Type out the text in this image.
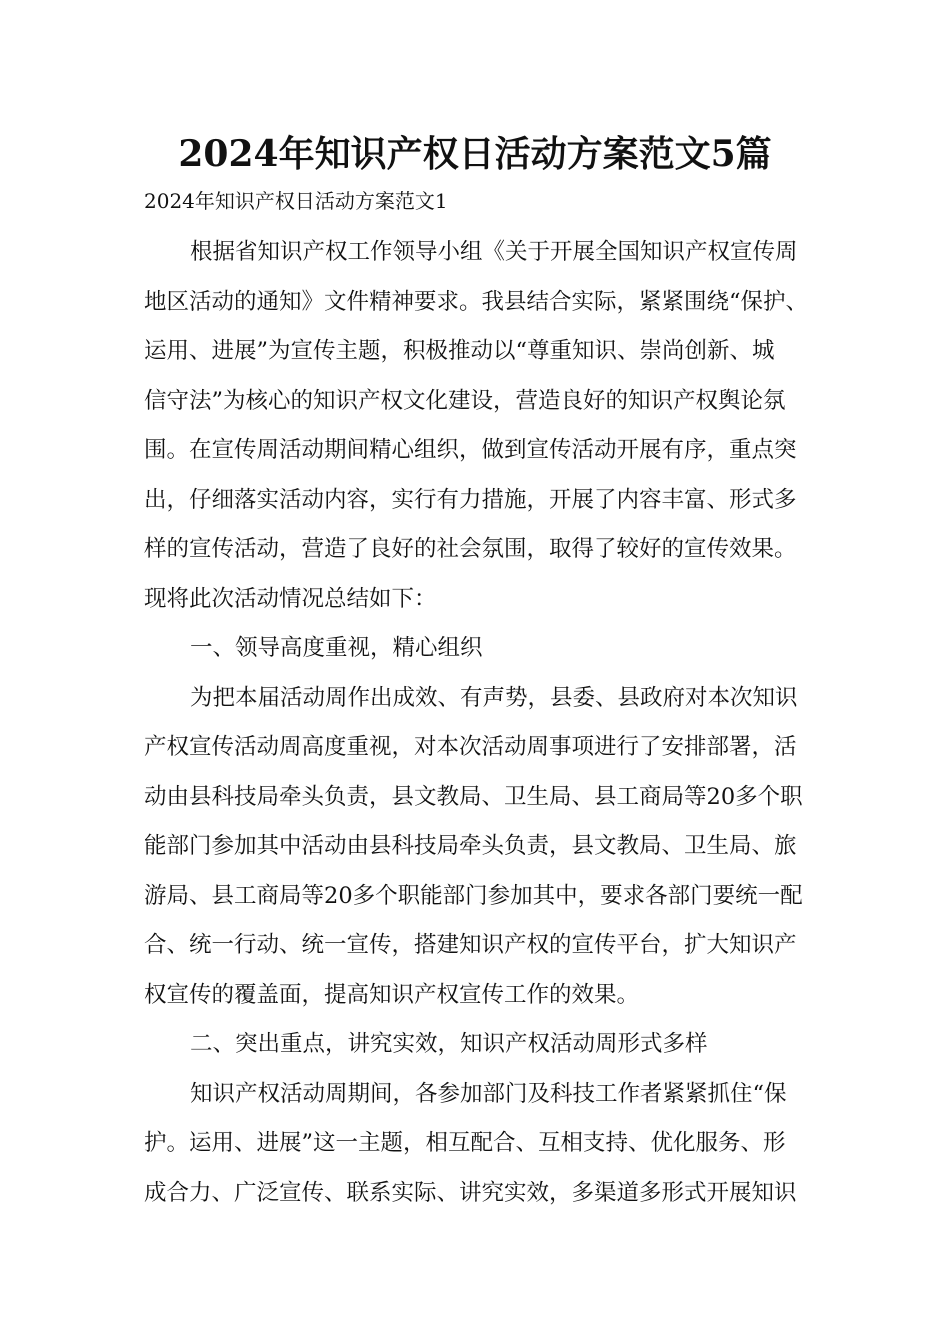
2024年知识产权日活动方案范文5篇
2024年知识产权日活动方案范文1
根据省知识产权工作领导小组《关于开展全国知识产权宣传周
地区活动的通知》文件精神要求。我县结合实际，紧紧围绕“保护、
运用、进展”为宣传主题，积极推动以“尊重知识、崇尚创新、城
信守法”为核心的知识产权文化建设，营造良好的知识产权舆论氛
围。在宣传周活动期间精心组织，做到宣传活动开展有序，重点突
出，仔细落实活动内容，实行有力措施，开展了内容丰富、形式多
样的宣传活动，营造了良好的社会氛围，取得了较好的宣传效果。
现将此次活动情况总结如下：
一、领导高度重视，精心组织
为把本届活动周作出成效、有声势，县委、县政府对本次知识
产权宣传活动周高度重视，对本次活动周事项进行了安排部署，活
动由县科技局牵头负责，县文教局、卫生局、县工商局等20多个职
能部门参加其中活动由县科技局牵头负责，县文教局、卫生局、旅
游局、县工商局等20多个职能部门参加其中，要求各部门要统一配
合、统一行动、统一宣传，搭建知识产权的宣传平台，扩大知识产
权宣传的覆盖面，提高知识产权宣传工作的效果。
二、突出重点，讲究实效，知识产权活动周形式多样
知识产权活动周期间，各参加部门及科技工作者紧紧抓住“保
护。运用、进展”这一主题，相互配合、互相支持、优化服务、形
成合力、广泛宣传、联系实际、讲究实效，多渠道多形式开展知识
